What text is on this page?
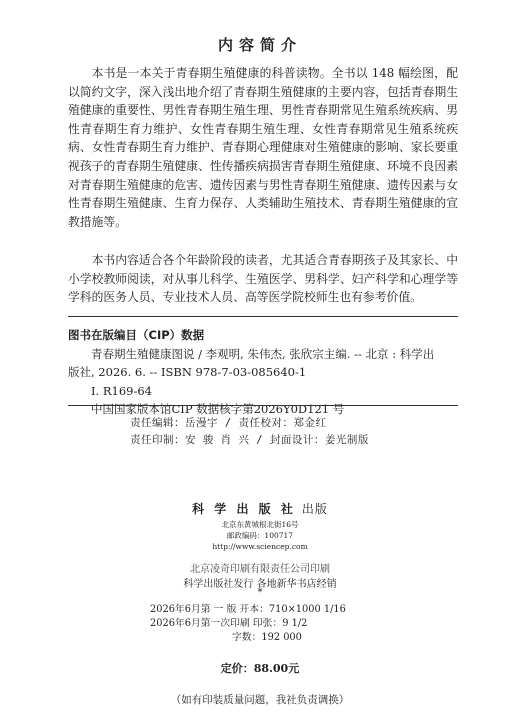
内容简介

本书是一本关于青春期生殖健康的科普读物。全书以 148 幅绘图，配以简约文字，深入浅出地介绍了青春期生殖健康的主要内容，包括青春期生殖健康的重要性、男性青春期生殖生理、男性青春期常见生殖系统疾病、男性青春期生育力维护、女性青春期生殖生理、女性青春期常见生殖系统疾病、女性青春期生育力维护、青春期心理健康对生殖健康的影响、家长要重视孩子的青春期生殖健康、性传播疾病损害青春期生殖健康、环境不良因素对青春期生殖健康的危害、遗传因素与男性青春期生殖健康、遗传因素与女性青春期生殖健康、生育力保存、人类辅助生殖技术、青春期生殖健康的宣教措施等。

本书内容适合各个年龄阶段的读者，尤其适合青春期孩子及其家长、中小学校教师阅读，对从事儿科学、生殖医学、男科学、妇产科学和心理学等学科的医务人员、专业技术人员、高等医学院校师生也有参考价值。

图书在版编目（CIP）数据
青春期生殖健康图说 / 李观明, 朱伟杰, 张欣宗主编. -- 北京 : 科学出
版社, 2026. 6. -- ISBN 978-7-03-085640-1
Ⅰ. R169-64
中国国家版本馆CIP 数据核字第2026Y0D121 号
责任编辑：岳漫宇 / 责任校对：郑金红
责任印制：安 骏 肖 兴 / 封面设计：姜光制版
科 学 出 版 社 出版
北京东黄城根北街16号
邮政编码：100717
http://www.sciencep.com
北京凌奇印刷有限责任公司印刷
科学出版社发行 各地新华书店经销
*
2026年6月第 一 版 开本：710×1000 1/16
2026年6月第一次印刷 印张：9 1/2
字数：192 000
定价：88.00元
（如有印装质量问题，我社负责调换）
